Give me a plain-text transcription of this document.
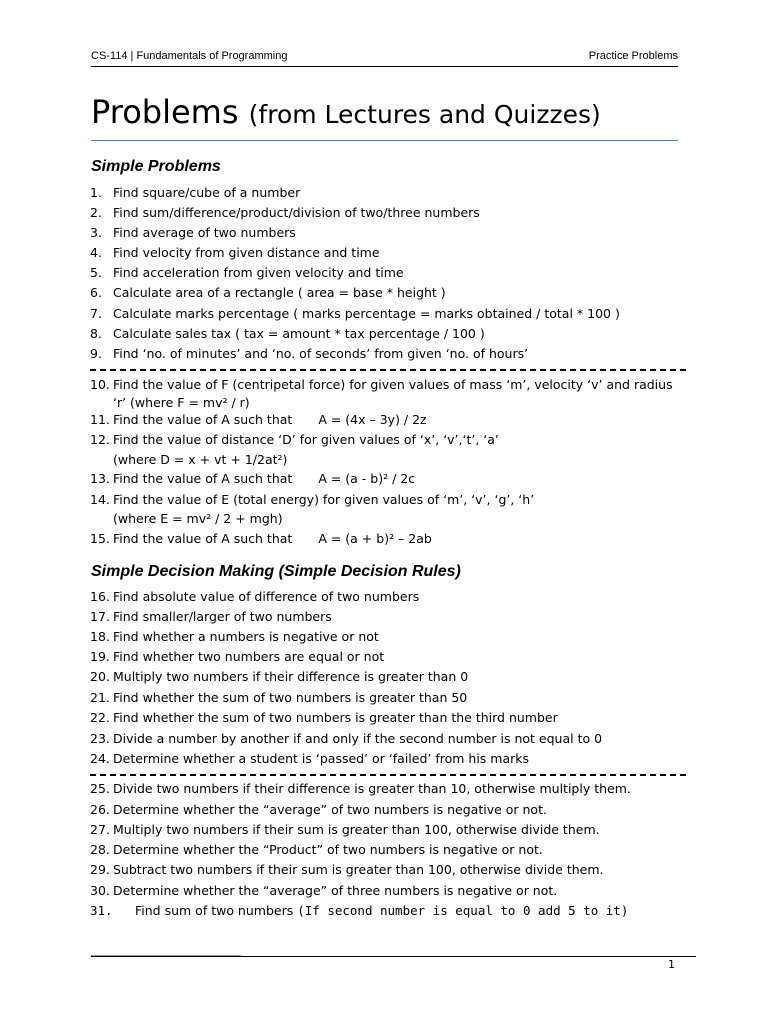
CS-114 | Fundamentals of Programming	Practice Problems
Problems (from Lectures and Quizzes)
Simple Problems
1. Find square/cube of a number
2. Find sum/difference/product/division of two/three numbers
3. Find average of two numbers
4. Find velocity from given distance and time
5. Find acceleration from given velocity and time
6. Calculate area of a rectangle ( area = base * height )
7. Calculate marks percentage ( marks percentage = marks obtained / total * 100 )
8. Calculate sales tax ( tax = amount * tax percentage / 100 )
9. Find ‘no. of minutes’ and ‘no. of seconds’ from given ‘no. of hours’
10. Find the value of F (centripetal force) for given values of mass ‘m’, velocity ‘v’ and radius
‘r’ (where F = mv² / r)
11. Find the value of A such that A = (4x – 3y) / 2z
12. Find the value of distance ‘D’ for given values of ‘x’, ‘v’,‘t’, ‘a’
(where D = x + vt + 1/2at²)
13. Find the value of A such that A = (a - b)² / 2c
14. Find the value of E (total energy) for given values of ‘m’, ‘v’, ‘g’, ‘h’
(where E = mv² / 2 + mgh)
15. Find the value of A such that A = (a + b)² – 2ab
Simple Decision Making (Simple Decision Rules)
16. Find absolute value of difference of two numbers
17. Find smaller/larger of two numbers
18. Find whether a numbers is negative or not
19. Find whether two numbers are equal or not
20. Multiply two numbers if their difference is greater than 0
21. Find whether the sum of two numbers is greater than 50
22. Find whether the sum of two numbers is greater than the third number
23. Divide a number by another if and only if the second number is not equal to 0
24. Determine whether a student is ‘passed’ or ‘failed’ from his marks
25. Divide two numbers if their difference is greater than 10, otherwise multiply them.
26. Determine whether the “average” of two numbers is negative or not.
27. Multiply two numbers if their sum is greater than 100, otherwise divide them.
28. Determine whether the “Product” of two numbers is negative or not.
29. Subtract two numbers if their sum is greater than 100, otherwise divide them.
30. Determine whether the “average” of three numbers is negative or not.
31. Find sum of two numbers (If second number is equal to 0 add 5 to it)
1
